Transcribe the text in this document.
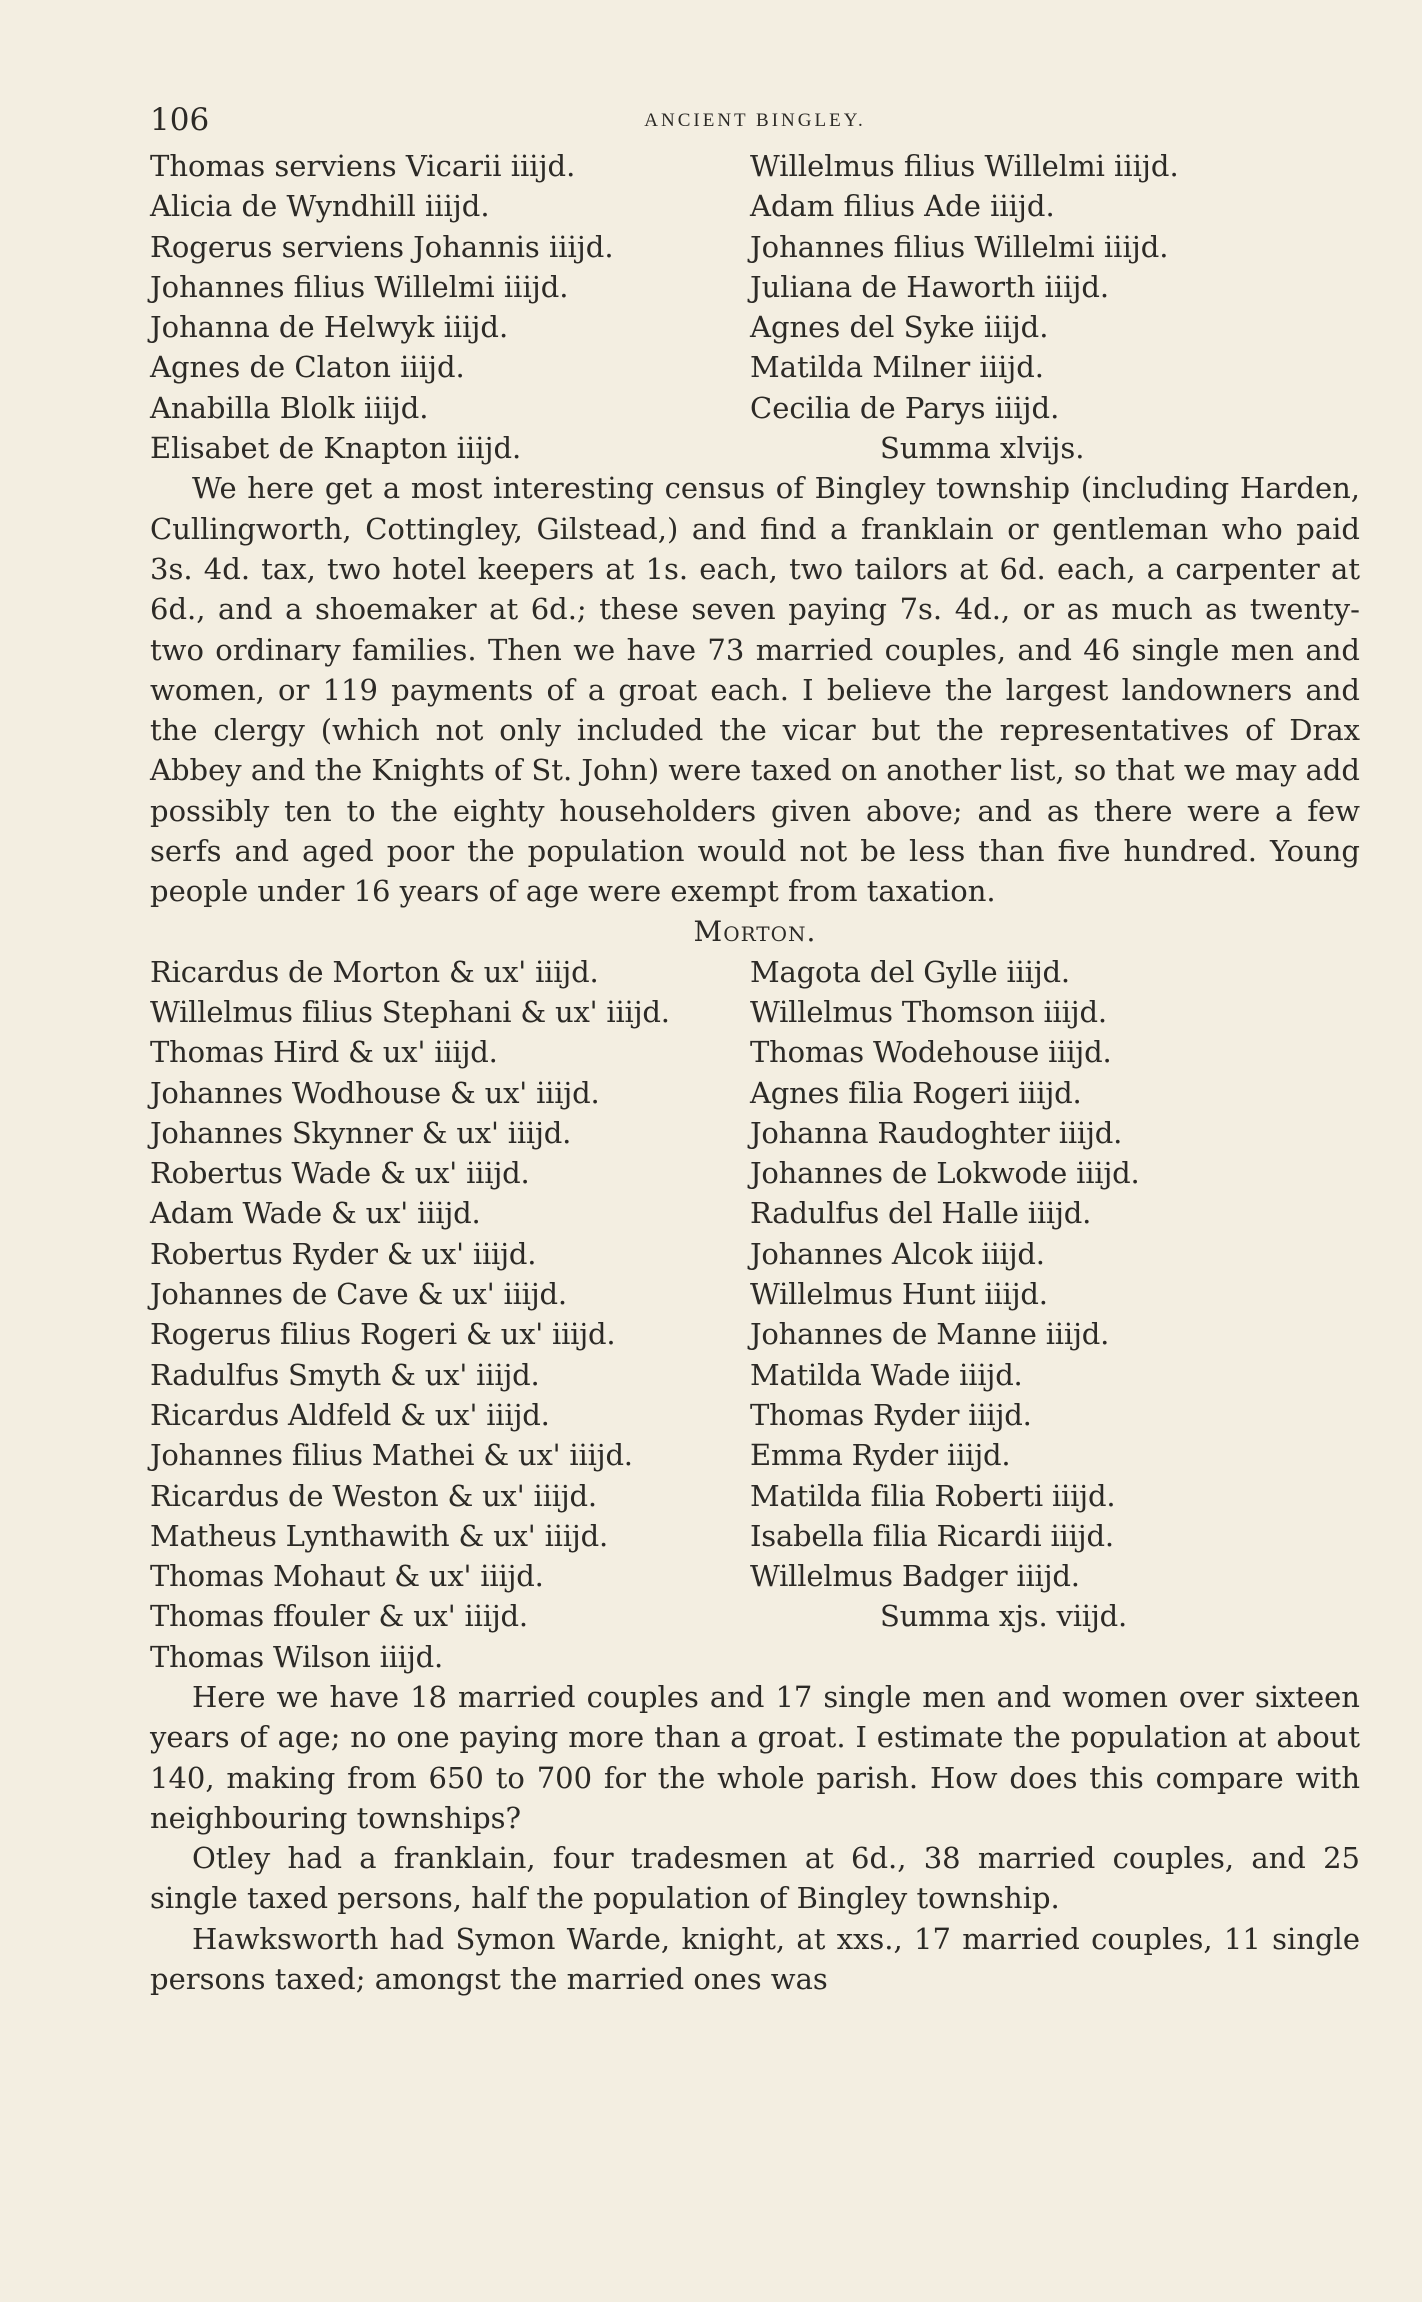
106	ANCIENT BINGLEY.
Thomas serviens Vicarii iiijd.
Alicia de Wyndhill iiijd.
Rogerus serviens Johannis iiijd.
Johannes filius Willelmi iiijd.
Johanna de Helwyk iiijd.
Agnes de Claton iiijd.
Anabilla Blolk iiijd.
Elisabet de Knapton iiijd.
Willelmus filius Willelmi iiijd.
Adam filius Ade iiijd.
Johannes filius Willelmi iiijd.
Juliana de Haworth iiijd.
Agnes del Syke iiijd.
Matilda Milner iiijd.
Cecilia de Parys iiijd.
Summa xlvijs.

We here get a most interesting census of Bingley township (including Harden, Cullingworth, Cottingley, Gilstead,) and find a franklain or gentleman who paid 3s. 4d. tax, two hotel keepers at 1s. each, two tailors at 6d. each, a carpenter at 6d., and a shoemaker at 6d.; these seven paying 7s. 4d., or as much as twenty-two ordinary families. Then we have 73 married couples, and 46 single men and women, or 119 payments of a groat each. I believe the largest landowners and the clergy (which not only included the vicar but the representatives of Drax Abbey and the Knights of St. John) were taxed on another list, so that we may add possibly ten to the eighty householders given above; and as there were a few serfs and aged poor the population would not be less than five hundred. Young people under 16 years of age were exempt from taxation.

Morton.
Ricardus de Morton & ux' iiijd.
Willelmus filius Stephani & ux' iiijd.
Thomas Hird & ux' iiijd.
Johannes Wodhouse & ux' iiijd.
Johannes Skynner & ux' iiijd.
Robertus Wade & ux' iiijd.
Adam Wade & ux' iiijd.
Robertus Ryder & ux' iiijd.
Johannes de Cave & ux' iiijd.
Rogerus filius Rogeri & ux' iiijd.
Radulfus Smyth & ux' iiijd.
Ricardus Aldfeld & ux' iiijd.
Johannes filius Mathei & ux' iiijd.
Ricardus de Weston & ux' iiijd.
Matheus Lynthawith & ux' iiijd.
Thomas Mohaut & ux' iiijd.
Thomas ffouler & ux' iiijd.
Thomas Wilson iiijd.
Magota del Gylle iiijd.
Willelmus Thomson iiijd.
Thomas Wodehouse iiijd.
Agnes filia Rogeri iiijd.
Johanna Raudoghter iiijd.
Johannes de Lokwode iiijd.
Radulfus del Halle iiijd.
Johannes Alcok iiijd.
Willelmus Hunt iiijd.
Johannes de Manne iiijd.
Matilda Wade iiijd.
Thomas Ryder iiijd.
Emma Ryder iiijd.
Matilda filia Roberti iiijd.
Isabella filia Ricardi iiijd.
Willelmus Badger iiijd.
Summa xjs. viijd.

Here we have 18 married couples and 17 single men and women over sixteen years of age; no one paying more than a groat. I estimate the population at about 140, making from 650 to 700 for the whole parish. How does this compare with neighbouring townships?

Otley had a franklain, four tradesmen at 6d., 38 married couples, and 25 single taxed persons, half the population of Bingley township.

Hawksworth had Symon Warde, knight, at xxs., 17 married couples, 11 single persons taxed; amongst the married ones was
